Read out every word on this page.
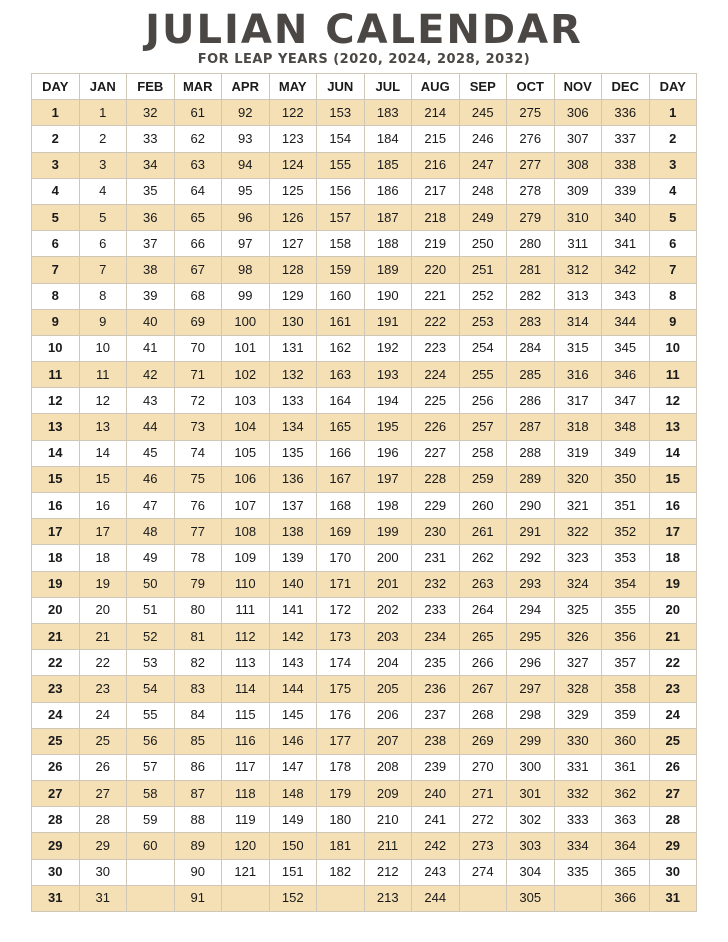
JULIAN CALENDAR
FOR LEAP YEARS (2020, 2024, 2028, 2032)
DAY	JAN	FEB	MAR	APR	MAY	JUN	JUL	AUG	SEP	OCT	NOV	DEC	DAY
1	1	32	61	92	122	153	183	214	245	275	306	336	1
2	2	33	62	93	123	154	184	215	246	276	307	337	2
3	3	34	63	94	124	155	185	216	247	277	308	338	3
4	4	35	64	95	125	156	186	217	248	278	309	339	4
5	5	36	65	96	126	157	187	218	249	279	310	340	5
6	6	37	66	97	127	158	188	219	250	280	311	341	6
7	7	38	67	98	128	159	189	220	251	281	312	342	7
8	8	39	68	99	129	160	190	221	252	282	313	343	8
9	9	40	69	100	130	161	191	222	253	283	314	344	9
10	10	41	70	101	131	162	192	223	254	284	315	345	10
11	11	42	71	102	132	163	193	224	255	285	316	346	11
12	12	43	72	103	133	164	194	225	256	286	317	347	12
13	13	44	73	104	134	165	195	226	257	287	318	348	13
14	14	45	74	105	135	166	196	227	258	288	319	349	14
15	15	46	75	106	136	167	197	228	259	289	320	350	15
16	16	47	76	107	137	168	198	229	260	290	321	351	16
17	17	48	77	108	138	169	199	230	261	291	322	352	17
18	18	49	78	109	139	170	200	231	262	292	323	353	18
19	19	50	79	110	140	171	201	232	263	293	324	354	19
20	20	51	80	111	141	172	202	233	264	294	325	355	20
21	21	52	81	112	142	173	203	234	265	295	326	356	21
22	22	53	82	113	143	174	204	235	266	296	327	357	22
23	23	54	83	114	144	175	205	236	267	297	328	358	23
24	24	55	84	115	145	176	206	237	268	298	329	359	24
25	25	56	85	116	146	177	207	238	269	299	330	360	25
26	26	57	86	117	147	178	208	239	270	300	331	361	26
27	27	58	87	118	148	179	209	240	271	301	332	362	27
28	28	59	88	119	149	180	210	241	272	302	333	363	28
29	29	60	89	120	150	181	211	242	273	303	334	364	29
30	30		90	121	151	182	212	243	274	304	335	365	30
31	31		91		152		213	244		305		366	31
